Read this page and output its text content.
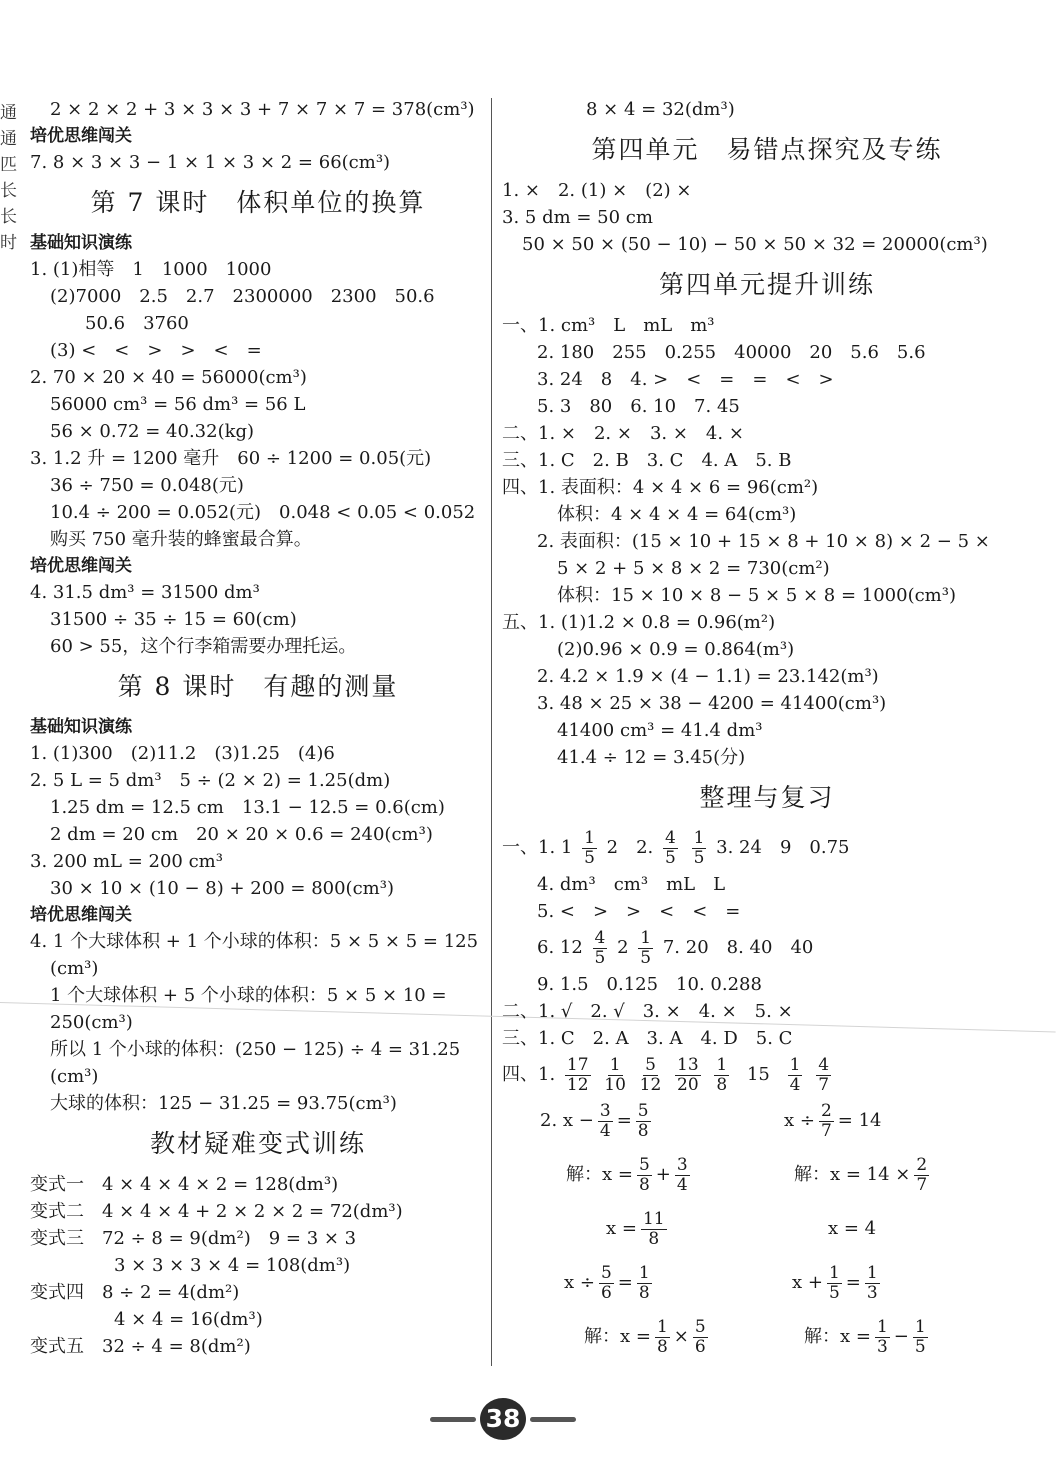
通 通 匹 长 长 时
2 × 2 × 2 + 3 × 3 × 3 + 7 × 7 × 7 = 378(cm³)
培优思维闯关
7. 8 × 3 × 3 − 1 × 1 × 3 × 2 = 66(cm³)
第 7 课时　体积单位的换算
基础知识演练
1. (1)相等　1　1000　1000
(2)7000　2.5　2.7　2300000　2300　50.6
50.6　3760
(3) <　<　>　>　<　=
2. 70 × 20 × 40 = 56000(cm³)
56000 cm³ = 56 dm³ = 56 L
56 × 0.72 = 40.32(kg)
3. 1.2 升 = 1200 毫升　60 ÷ 1200 = 0.05(元)
36 ÷ 750 = 0.048(元)
10.4 ÷ 200 = 0.052(元)　0.048 < 0.05 < 0.052
购买 750 毫升装的蜂蜜最合算。
培优思维闯关
4. 31.5 dm³ = 31500 dm³
31500 ÷ 35 ÷ 15 = 60(cm)
60 > 55，这个行李箱需要办理托运。
第 8 课时　有趣的测量
基础知识演练
1. (1)300　(2)11.2　(3)1.25　(4)6
2. 5 L = 5 dm³　5 ÷ (2 × 2) = 1.25(dm)
1.25 dm = 12.5 cm　13.1 − 12.5 = 0.6(cm)
2 dm = 20 cm　20 × 20 × 0.6 = 240(cm³)
3. 200 mL = 200 cm³
30 × 10 × (10 − 8) + 200 = 800(cm³)
培优思维闯关
4. 1 个大球体积 + 1 个小球的体积：5 × 5 × 5 = 125
(cm³)
1 个大球体积 + 5 个小球的体积：5 × 5 × 10 =
250(cm³)
所以 1 个小球的体积：(250 − 125) ÷ 4 = 31.25
(cm³)
大球的体积：125 − 31.25 = 93.75(cm³)
教材疑难变式训练
变式一　4 × 4 × 4 × 2 = 128(dm³)
变式二　4 × 4 × 4 + 2 × 2 × 2 = 72(dm³)
变式三　72 ÷ 8 = 9(dm²)　9 = 3 × 3
3 × 3 × 3 × 4 = 108(dm³)
变式四　8 ÷ 2 = 4(dm²)
4 × 4 = 16(dm³)
变式五　32 ÷ 4 = 8(dm²)
8 × 4 = 32(dm³)
第四单元　易错点探究及专练
1. ×　2. (1) ×　(2) ×
3. 5 dm = 50 cm
50 × 50 × (50 − 10) − 50 × 50 × 32 = 20000(cm³)
第四单元提升训练
一、1. cm³　L　mL　m³
2. 180　255　0.255　40000　20　5.6　5.6
3. 24　8　4. >　<　=　=　<　>
5. 3　80　6. 10　7. 45
二、1. ×　2. ×　3. ×　4. ×
三、1. C　2. B　3. C　4. A　5. B
四、1. 表面积：4 × 4 × 6 = 96(cm²)
体积：4 × 4 × 4 = 64(cm³)
2. 表面积：(15 × 10 + 15 × 8 + 10 × 8) × 2 − 5 ×
5 × 2 + 5 × 8 × 2 = 730(cm²)
体积：15 × 10 × 8 − 5 × 5 × 8 = 1000(cm³)
五、1. (1)1.2 × 0.8 = 0.96(m²)
(2)0.96 × 0.9 = 0.864(m³)
2. 4.2 × 1.9 × (4 − 1.1) = 23.142(m³)
3. 48 × 25 × 38 − 4200 = 41400(cm³)
41400 cm³ = 41.4 dm³
41.4 ÷ 12 = 3.45(分)
整理与复习
一、1. $1 \frac{1}{5} 2$　2. $\frac{4}{5}$
$\frac{1}{5} 3$. 24　9　0.75
4. dm³　cm³　mL　L
5. <　>　>　<　<　=
6. $12 \frac{4}{5} 2 \frac{1}{5} 7$. 20　8. 40　40
9. 1.5　0.125　10. 0.288
二、1. √　2. √　3. ×　4. ×　5. ×
三、1. C　2. A　3. A　4. D　5. C
四、1. $\frac{17}{12}$
$\frac{1}{10}$
$\frac{5}{12}$
$\frac{13}{20}$
$\frac{1}{8} 15 \frac{1}{4}$
$\frac{4}{7}$
2. $x - \frac{3}{4} = \frac{5}{8}$	$x \div \frac{2}{7} = 14$
解：$x = \frac{5}{8} + \frac{3}{4}$	解：$x = 14 \times \frac{2}{7}$
$x = \frac{11}{8}$	x = 4
$x \div \frac{5}{6} = \frac{1}{8}$	$x + \frac{1}{5} = \frac{1}{3}$
解：$x = \frac{1}{8} \times \frac{5}{6}$	解：$x = \frac{1}{3} - \frac{1}{5}$
38
